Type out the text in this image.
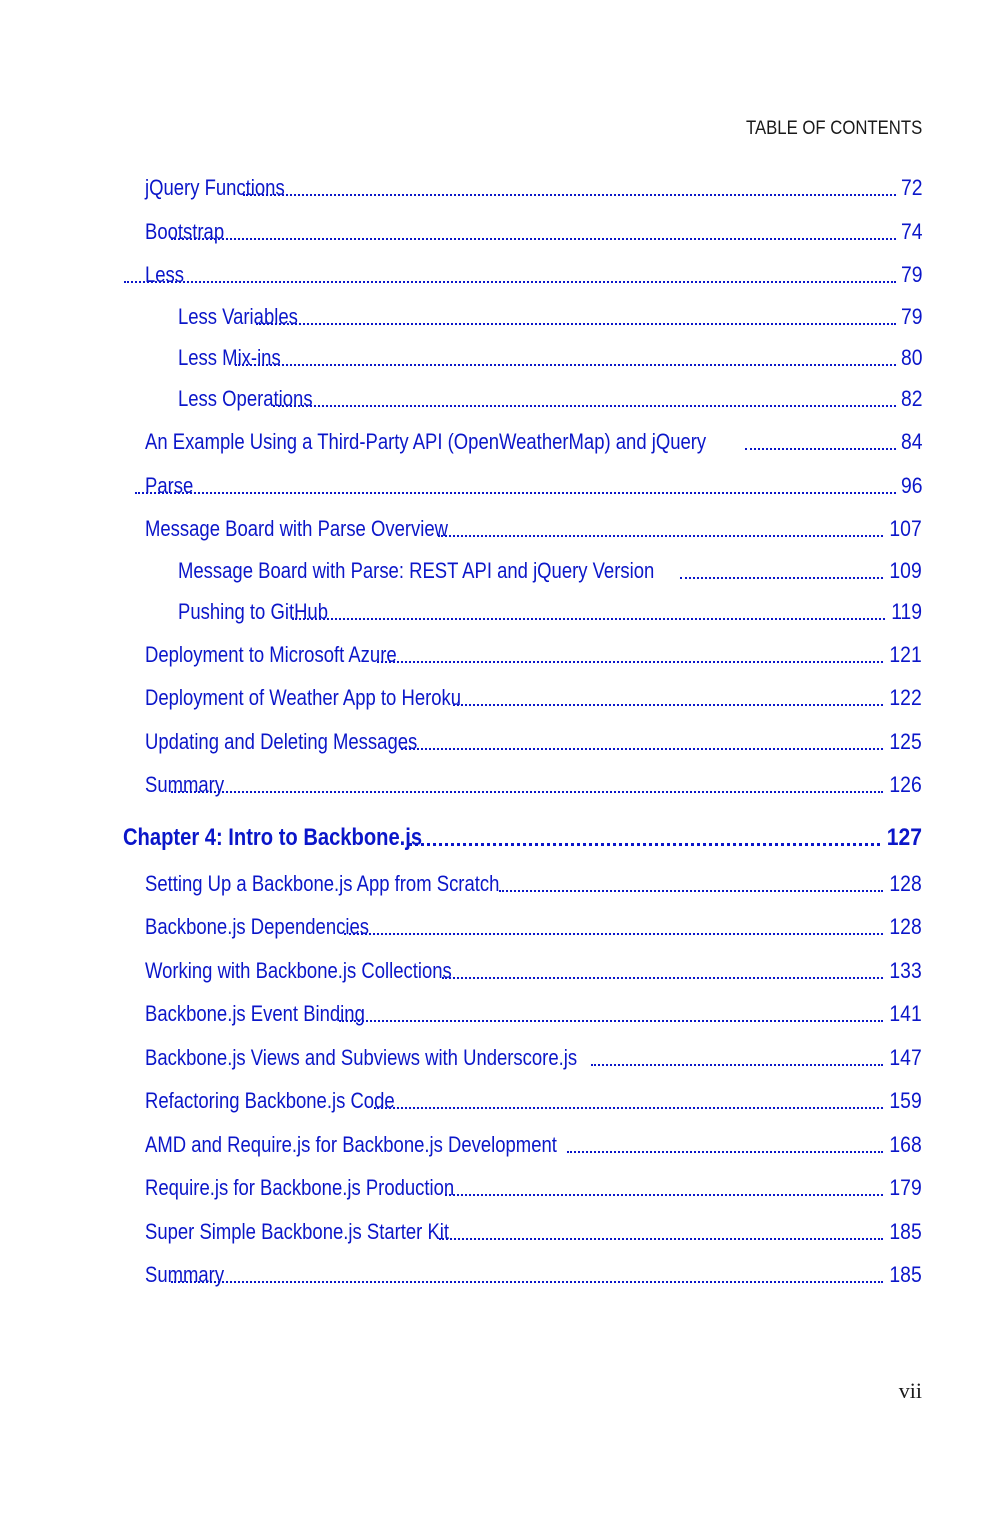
TABLE OF CONTENTS
jQuery Functions	72
Bootstrap	74
Less	79
Less Variables	79
Less Mix-ins	80
Less Operations	82
An Example Using a Third-Party API (OpenWeatherMap) and jQuery	84
Parse	96
Message Board with Parse Overview	107
Message Board with Parse: REST API and jQuery Version	109
Pushing to GitHub	119
Deployment to Microsoft Azure	121
Deployment of Weather App to Heroku	122
Updating and Deleting Messages	125
Summary	126
Chapter 4: Intro to Backbone.js	127
Setting Up a Backbone.js App from Scratch	128
Backbone.js Dependencies	128
Working with Backbone.js Collections	133
Backbone.js Event Binding	141
Backbone.js Views and Subviews with Underscore.js	147
Refactoring Backbone.js Code	159
AMD and Require.js for Backbone.js Development	168
Require.js for Backbone.js Production	179
Super Simple Backbone.js Starter Kit	185
Summary	185
vii
